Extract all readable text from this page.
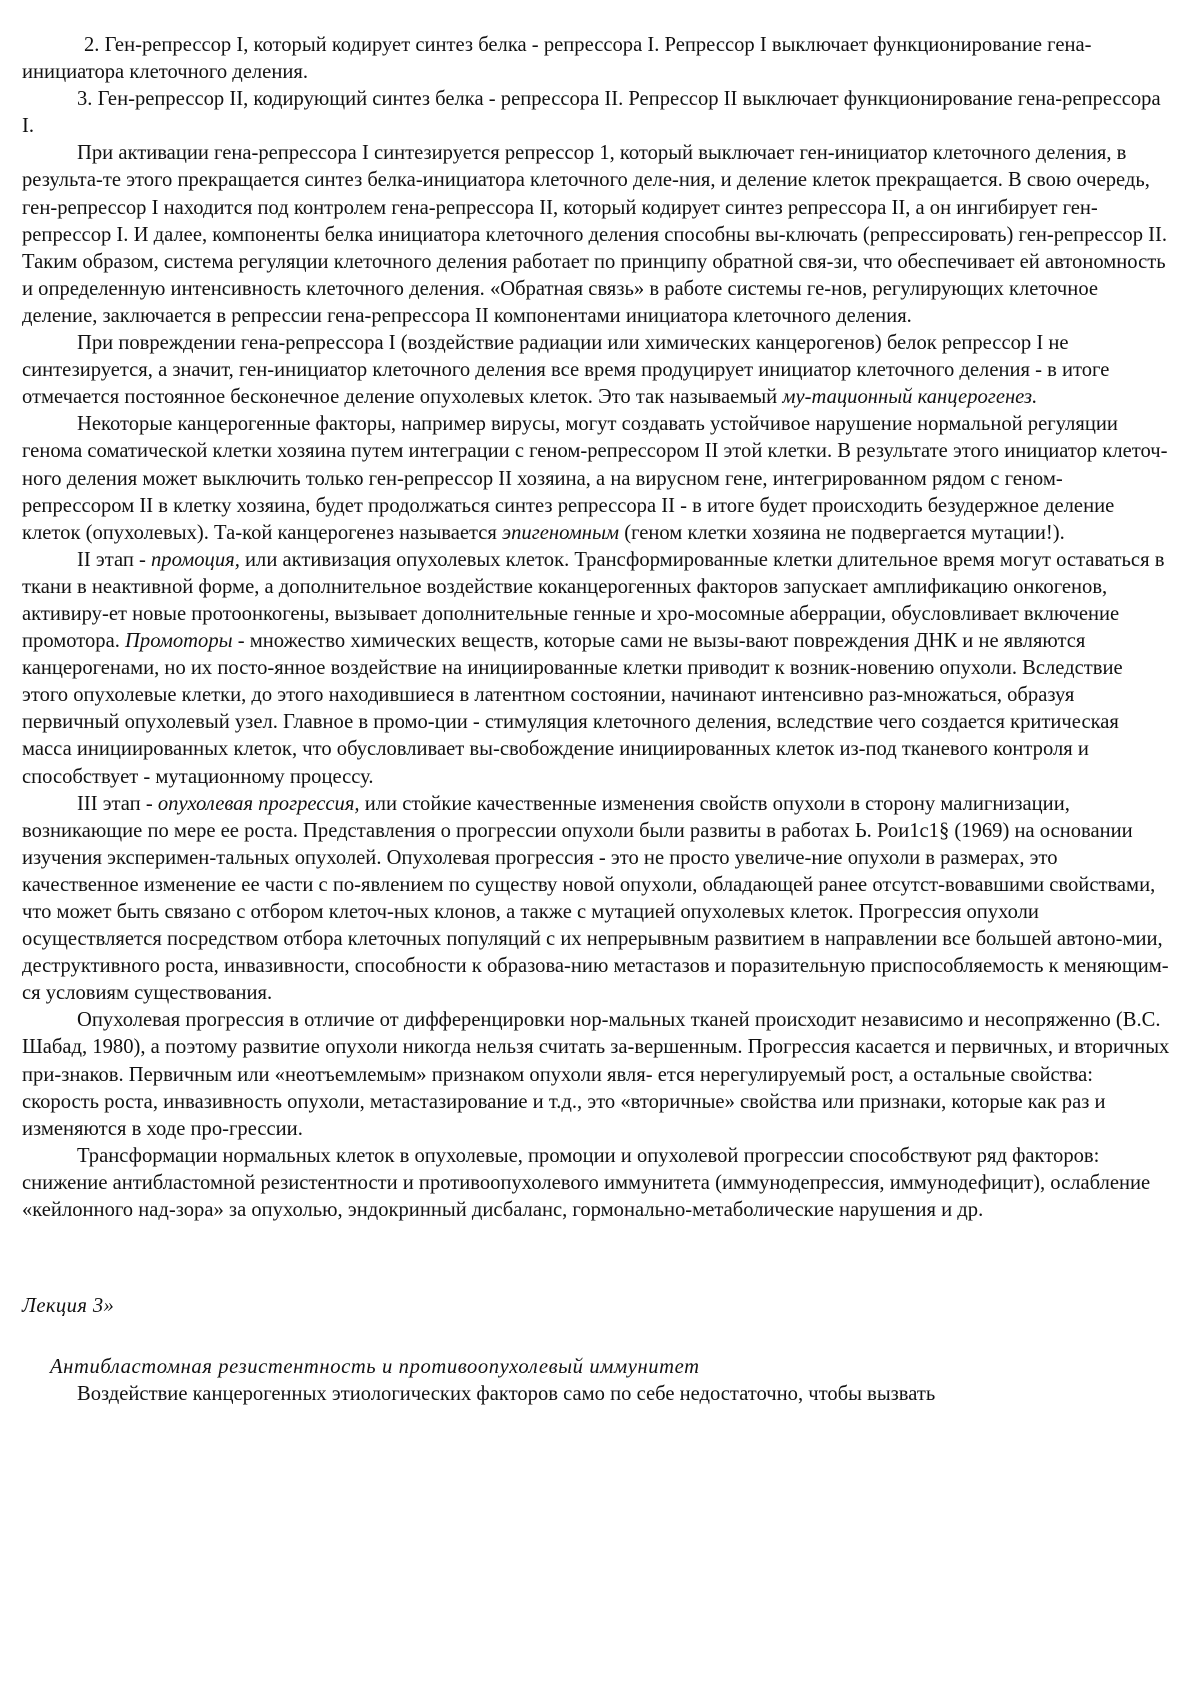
2. Ген-репрессор I, который кодирует синтез белка - репрессора I. Репрессор I выключает функционирование гена-инициатора клеточного деления.

3. Ген-репрессор II, кодирующий синтез белка - репрессора II. Репрессор II выключает функционирование гена-репрессора I.

При активации гена-репрессора I синтезируется репрессор 1, который выключает ген-инициатор клеточного деления, в результа-те этого прекращается синтез белка-инициатора клеточного деле-ния, и деление клеток прекращается. В свою очередь, ген-репрессор I находится под контролем гена-репрессора II, который кодирует синтез репрессора II, а он ингибирует ген-репрессор I. И далее, компоненты белка инициатора клеточного деления способны вы-ключать (репрессировать) ген-репрессор II. Таким образом, система регуляции клеточного деления работает по принципу обратной свя-зи, что обеспечивает ей автономность и определенную интенсивность клеточного деления. «Обратная связь» в работе системы ге-нов, регулирующих клеточное деление, заключается в репрессии гена-репрессора II компонентами инициатора клеточного деления.

При повреждении гена-репрессора I (воздействие радиации или химических канцерогенов) белок репрессор I не синтезируется, а значит, ген-инициатор клеточного деления все время продуцирует инициатор клеточного деления - в итоге отмечается постоянное бесконечное деление опухолевых клеток. Это так называемый му-тационный канцерогенез.

Некоторые канцерогенные факторы, например вирусы, могут создавать устойчивое нарушение нормальной регуляции генома соматической клетки хозяина путем интеграции с геном-репрессором II этой клетки. В результате этого инициатор клеточ-ного деления может выключить только ген-репрессор II хозяина, а на вирусном гене, интегрированном рядом с геном-репрессором II в клетку хозяина, будет продолжаться синтез репрессора II - в итоге будет происходить безудержное деление клеток (опухолевых). Та-кой канцерогенез называется эпигеномным (геном клетки хозяина не подвергается мутации!).

II этап - промоция, или активизация опухолевых клеток. Трансформированные клетки длительное время могут оставаться в ткани в неактивной форме, а дополнительное воздействие коканцерогенных факторов запускает амплификацию онкогенов, активиру-ет новые протоонкогены, вызывает дополнительные генные и хро-мосомные аберрации, обусловливает включение промотора. Промоторы - множество химических веществ, которые сами не вызы-вают повреждения ДНК и не являются канцерогенами, но их посто-янное воздействие на инициированные клетки приводит к возник-новению опухоли. Вследствие этого опухолевые клетки, до этого находившиеся в латентном состоянии, начинают интенсивно раз-множаться, образуя первичный опухолевый узел. Главное в промо-ции - стимуляция клеточного деления, вследствие чего создается критическая масса инициированных клеток, что обусловливает вы-свобождение инициированных клеток из-под тканевого контроля и способствует - мутационному процессу.

III этап - опухолевая прогрессия, или стойкие качественные изменения свойств опухоли в сторону малигнизации, возникающие по мере ее роста. Представления о прогрессии опухоли были развиты в работах Ь. Рои1с1§ (1969) на основании изучения эксперимен-тальных опухолей. Опухолевая прогрессия - это не просто увеличе-ние опухоли в размерах, это качественное изменение ее части с по-явлением по существу новой опухоли, обладающей ранее отсутст-вовавшими свойствами, что может быть связано с отбором клеточ-ных клонов, а также с мутацией опухолевых клеток. Прогрессия опухоли осуществляется посредством отбора клеточных популяций с их непрерывным развитием в направлении все большей автоно-мии, деструктивного роста, инвазивности, способности к образова-нию метастазов и поразительную приспособляемость к меняющим-ся условиям существования.

Опухолевая прогрессия в отличие от дифференцировки нор-мальных тканей происходит независимо и несопряженно (В.С. Шабад, 1980), а поэтому развитие опухоли никогда нельзя считать за-вершенным. Прогрессия касается и первичных, и вторичных при-знаков. Первичным или «неотъемлемым» признаком опухоли явля- ется нерегулируемый рост, а остальные свойства: скорость роста, инвазивность опухоли, метастазирование и т.д., это «вторичные» свойства или признаки, которые как раз и изменяются в ходе про-грессии.

Трансформации нормальных клеток в опухолевые, промоции и опухолевой прогрессии способствуют ряд факторов: снижение антибластомной резистентности и противоопухолевого иммунитета (иммунодепрессия, иммунодефицит), ослабление «кейлонного над-зора» за опухолью, эндокринный дисбаланс, гормонально-метаболические нарушения и др.

Лекция 3»

Антибластомная резистентность и противоопухолевый иммунитет

Воздействие канцерогенных этиологических факторов само по себе недостаточно, чтобы вызвать
